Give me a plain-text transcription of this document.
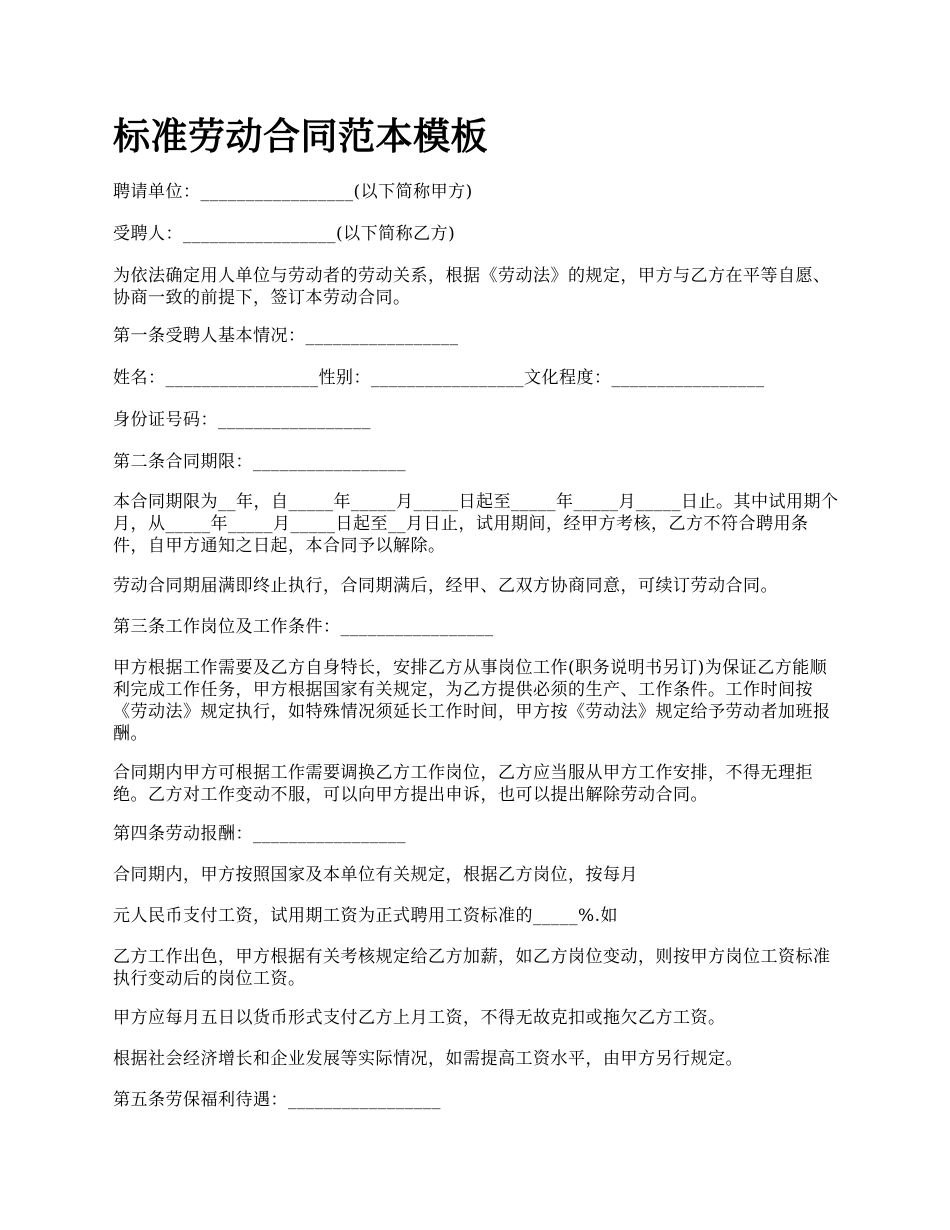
标准劳动合同范本模板

聘请单位：_________________(以下简称甲方)

受聘人：_________________(以下简称乙方)

为依法确定用人单位与劳动者的劳动关系，根据《劳动法》的规定，甲方与乙方在平等自愿、协商一致的前提下，签订本劳动合同。

第一条受聘人基本情况：_________________

姓名：_________________性别：_________________文化程度：_________________

身份证号码：_________________

第二条合同期限：_________________

本合同期限为__年，自_____年_____月_____日起至_____年_____月_____日止。其中试用期个月，从_____年_____月_____日起至__月日止，试用期间，经甲方考核，乙方不符合聘用条件，自甲方通知之日起，本合同予以解除。

劳动合同期届满即终止执行，合同期满后，经甲、乙双方协商同意，可续订劳动合同。

第三条工作岗位及工作条件：_________________

甲方根据工作需要及乙方自身特长，安排乙方从事岗位工作(职务说明书另订)为保证乙方能顺利完成工作任务，甲方根据国家有关规定，为乙方提供必须的生产、工作条件。工作时间按《劳动法》规定执行，如特殊情况须延长工作时间，甲方按《劳动法》规定给予劳动者加班报酬。

合同期内甲方可根据工作需要调换乙方工作岗位，乙方应当服从甲方工作安排，不得无理拒绝。乙方对工作变动不服，可以向甲方提出申诉，也可以提出解除劳动合同。

第四条劳动报酬：_________________

合同期内，甲方按照国家及本单位有关规定，根据乙方岗位，按每月

元人民币支付工资，试用期工资为正式聘用工资标准的_____%.如

乙方工作出色，甲方根据有关考核规定给乙方加薪，如乙方岗位变动，则按甲方岗位工资标准执行变动后的岗位工资。

甲方应每月五日以货币形式支付乙方上月工资，不得无故克扣或拖欠乙方工资。

根据社会经济增长和企业发展等实际情况，如需提高工资水平，由甲方另行规定。

第五条劳保福利待遇：_________________
